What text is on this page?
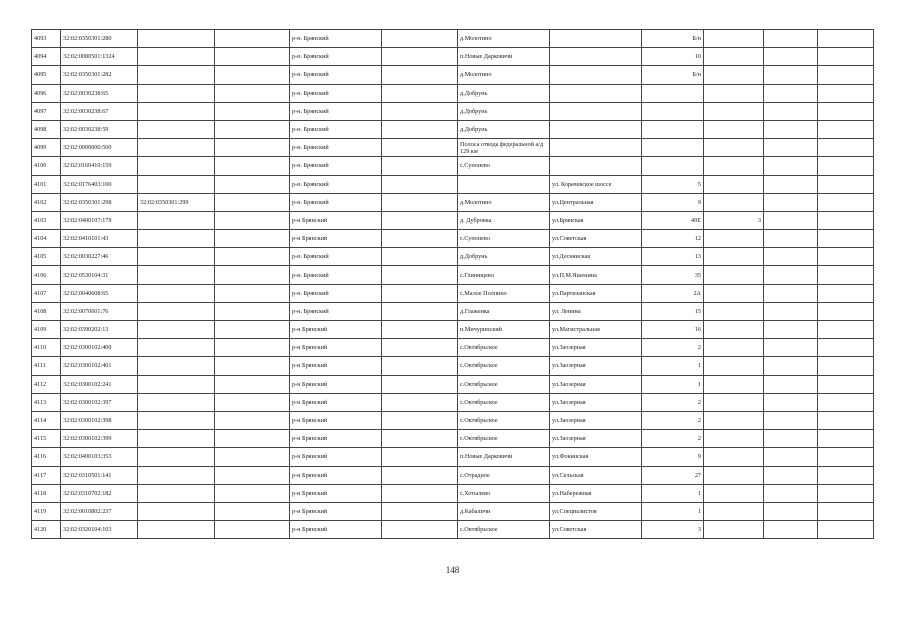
4093	32:02:0350301:280			р-н. Брянский		д.Молотино		Б/н			
4094	32:02:0080501:1324			р-н. Брянский		п.Новые Дарковичи		10			
4095	32:02:0350301:282			р-н. Брянский		д.Молотино		Б/н			
4096	32:02:0030238:65			р-н. Брянский		д.Добрунь					
4097	32:02:0030238:67			р-н. Брянский		д.Добрунь					
4098	32:02:0030238:59			р-н. Брянский		д.Добрунь					
4099	32:02:0000000:500			р-н. Брянский		Полоса отвода федеральной а/д 129 км					
4100	32:02:0160410:159			р-н. Брянский		с.Супонево					
4101	32:02:0176403:100			р-н. Брянский			ул. Корачевское шоссе	5			
4102	32:02:0350301:298	32:02:0350301:299		р-н. Брянский		д.Молотино	ул.Центральная	9			
4103	32:02:0400107:179			р-н Брянский		д. Дубровка	ул.Брянская	49Е	3		
4104	32:02:0410101:43			р-н Брянский		с.Супонево	ул.Советская	12			
4105	32:02:0030227:46			р-н. Брянский		д.Добрунь	ул.Деснянская	13			
4106	32:02:0530104:31			р-н. Брянский		с.Глинищево	ул.П.М.Яшенина	35			
4107	32:02:0040608:65			р-н. Брянский		с.Малое Полпино	ул.Партизанская	2А			
4108	32:02:0070601:76			р-н. Брянский		д.Глаженка	ул. Ленина	15			
4109	32:02:0390202:13			р-н Брянский		п.Мичуринский	ул.Магистральная	16			
4110	32:02:0300102:400			р-н Брянский		с.Октябрьское	ул.Заозерная	2			
4111	32:02:0300102:401			р-н Брянский		с.Октябрьское	ул.Заозерная	1			
4112	32:02:0300102:241			р-н Брянский		с.Октябрьское	ул.Заозерная	1			
4113	32:02:0300102:397			р-н Брянский		с.Октябрьское	ул.Заозерная	2			
4114	32:02:0300102:398			р-н Брянский		с.Октябрьское	ул.Заозерная	2			
4115	32:02:0300102:399			р-н Брянский		с.Октябрьское	ул.Заозерная	2			
4116	32:02:0400103:353			р-н Брянский		п.Новые Дарковичи	ул.Фокинская	9			
4117	32:02:0310501:141			р-н Брянский		с.Отрадное	ул.Сельская	27			
4118	32:02:0310702:182			р-н Брянский		с.Хотылево	ул.Набережная	1			
4119	32:02:0010802:237			р-н Брянский		д.Кабаличи	ул.Специалистов	1			
4120	32:02:0320104:103			р-н Брянский		с.Октябрьское	ул.Советская	3			
148
